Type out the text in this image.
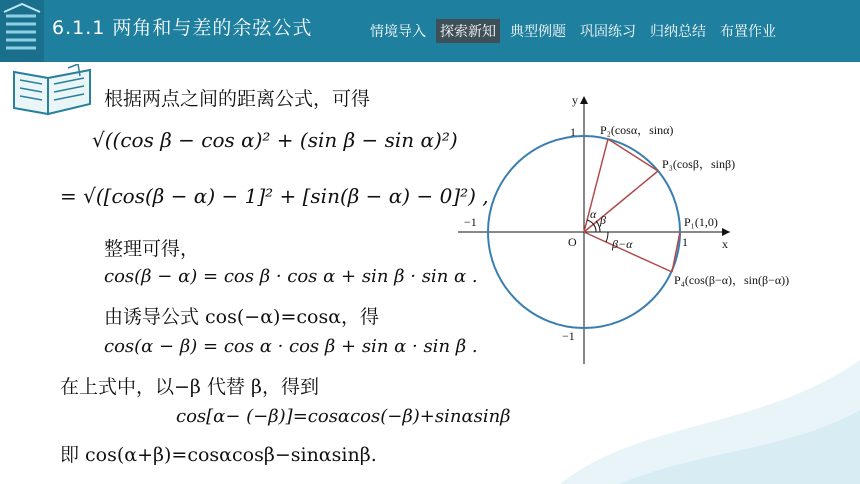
6.1.1 两角和与差的余弦公式	情境导入 探索新知 典型例题 巩固练习 归纳总结 布置作业
根据两点之间的距离公式，可得
√((cos β − cos α)² + (sin β − sin α)²)
= √([cos(β − α) − 1]² + [sin(β − α) − 0]²) ,
整理可得，
cos(β − α) = cos β · cos α + sin β · sin α .
由诱导公式 cos(−α)=cosα，得
cos(α − β) = cos α · cos β + sin α · sin β .
在上式中，以−β 代替 β，得到
cos[α− (−β)]=cosαcos(−β)+sinαsinβ
即 cos(α+β)=cosαcosβ−sinαsinβ.
y
x
O
1
−1
1
−1	P₁(1,0)
P₂(cosα，sinα)
P₃(cosβ，sinβ)
P₄(cos(β−α)，sin(β−α))
α β
β−α
